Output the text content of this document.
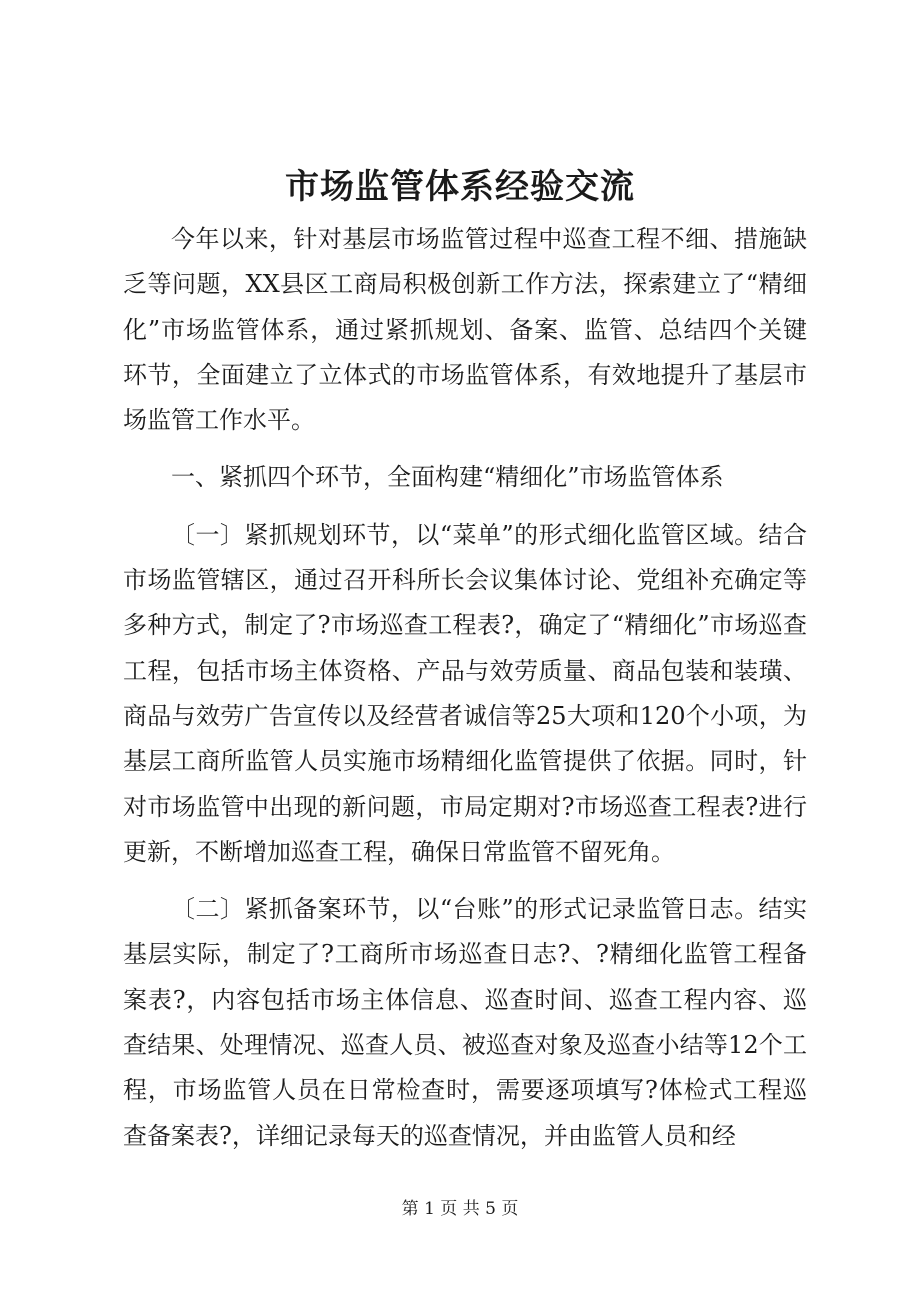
市场监管体系经验交流

今年以来，针对基层市场监管过程中巡查工程不细、措施缺乏等问题，XX县区工商局积极创新工作方法，探索建立了“精细化”市场监管体系，通过紧抓规划、备案、监管、总结四个关键环节，全面建立了立体式的市场监管体系，有效地提升了基层市场监管工作水平。

一、紧抓四个环节，全面构建“精细化”市场监管体系

〔一〕紧抓规划环节，以“菜单”的形式细化监管区域。结合市场监管辖区，通过召开科所长会议集体讨论、党组补充确定等多种方式，制定了?市场巡查工程表?，确定了“精细化”市场巡查工程，包括市场主体资格、产品与效劳质量、商品包装和装璜、商品与效劳广告宣传以及经营者诚信等25大项和120个小项，为基层工商所监管人员实施市场精细化监管提供了依据。同时，针对市场监管中出现的新问题，市局定期对?市场巡查工程表?进行更新，不断增加巡查工程，确保日常监管不留死角。

〔二〕紧抓备案环节，以“台账”的形式记录监管日志。结实基层实际，制定了?工商所市场巡查日志?、?精细化监管工程备案表?，内容包括市场主体信息、巡查时间、巡查工程内容、巡查结果、处理情况、巡查人员、被巡查对象及巡查小结等12个工程，市场监管人员在日常检查时，需要逐项填写?体检式工程巡查备案表?，详细记录每天的巡查情况，并由监管人员和经

第 1 页 共 5 页
